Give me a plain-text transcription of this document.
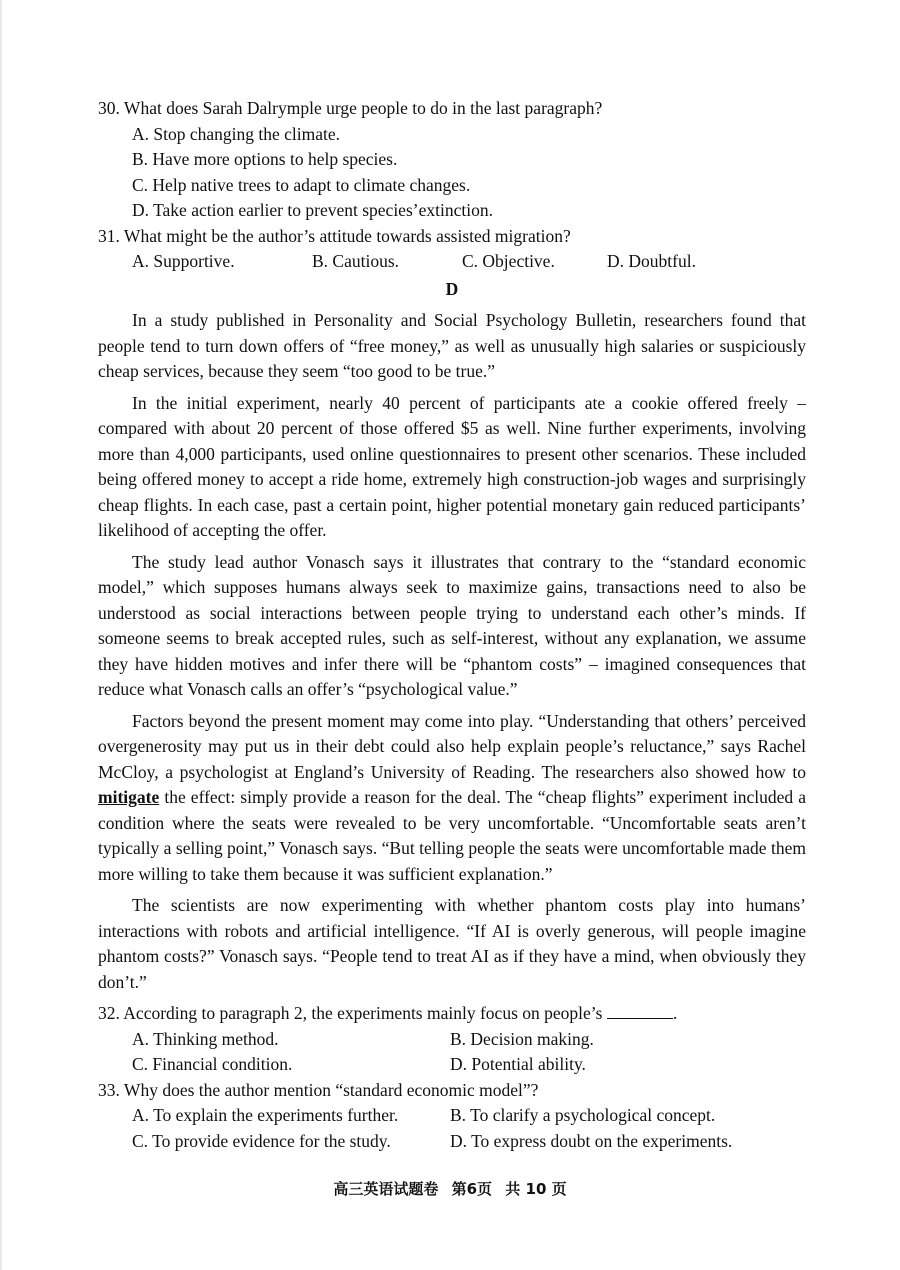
30. What does Sarah Dalrymple urge people to do in the last paragraph?

A. Stop changing the climate.

B. Have more options to help species.

C. Help native trees to adapt to climate changes.

D. Take action earlier to prevent species’extinction.

31. What might be the author’s attitude towards assisted migration?

A. Supportive.	B. Cautious.	C. Objective.	D. Doubtful.

D

In a study published in Personality and Social Psychology Bulletin, researchers found that people tend to turn down offers of “free money,” as well as unusually high salaries or suspiciously cheap services, because they seem “too good to be true.”

In the initial experiment, nearly 40 percent of participants ate a cookie offered freely – compared with about 20 percent of those offered $5 as well. Nine further experiments, involving more than 4,000 participants, used online questionnaires to present other scenarios. These included being offered money to accept a ride home, extremely high construction-job wages and surprisingly cheap flights. In each case, past a certain point, higher potential monetary gain reduced participants’ likelihood of accepting the offer.

The study lead author Vonasch says it illustrates that contrary to the “standard economic model,” which supposes humans always seek to maximize gains, transactions need to also be understood as social interactions between people trying to understand each other’s minds. If someone seems to break accepted rules, such as self-interest, without any explanation, we assume they have hidden motives and infer there will be “phantom costs” – imagined consequences that reduce what Vonasch calls an offer’s “psychological value.”

Factors beyond the present moment may come into play. “Understanding that others’ perceived overgenerosity may put us in their debt could also help explain people’s reluctance,” says Rachel McCloy, a psychologist at England’s University of Reading. The researchers also showed how to mitigate the effect: simply provide a reason for the deal. The “cheap flights” experiment included a condition where the seats were revealed to be very uncomfortable. “Uncomfortable seats aren’t typically a selling point,” Vonasch says. “But telling people the seats were uncomfortable made them more willing to take them because it was sufficient explanation.”

The scientists are now experimenting with whether phantom costs play into humans’ interactions with robots and artificial intelligence. “If AI is overly generous, will people imagine phantom costs?” Vonasch says. “People tend to treat AI as if they have a mind, when obviously they don’t.”

32. According to paragraph 2, the experiments mainly focus on people’s	.

A. Thinking method.	B. Decision making.
C. Financial condition.	D. Potential ability.

33. Why does the author mention “standard economic model”?

A. To explain the experiments further.	B. To clarify a psychological concept.
C. To provide evidence for the study.	D. To express doubt on the experiments.
高三英语试题卷 第6页 共 10 页
